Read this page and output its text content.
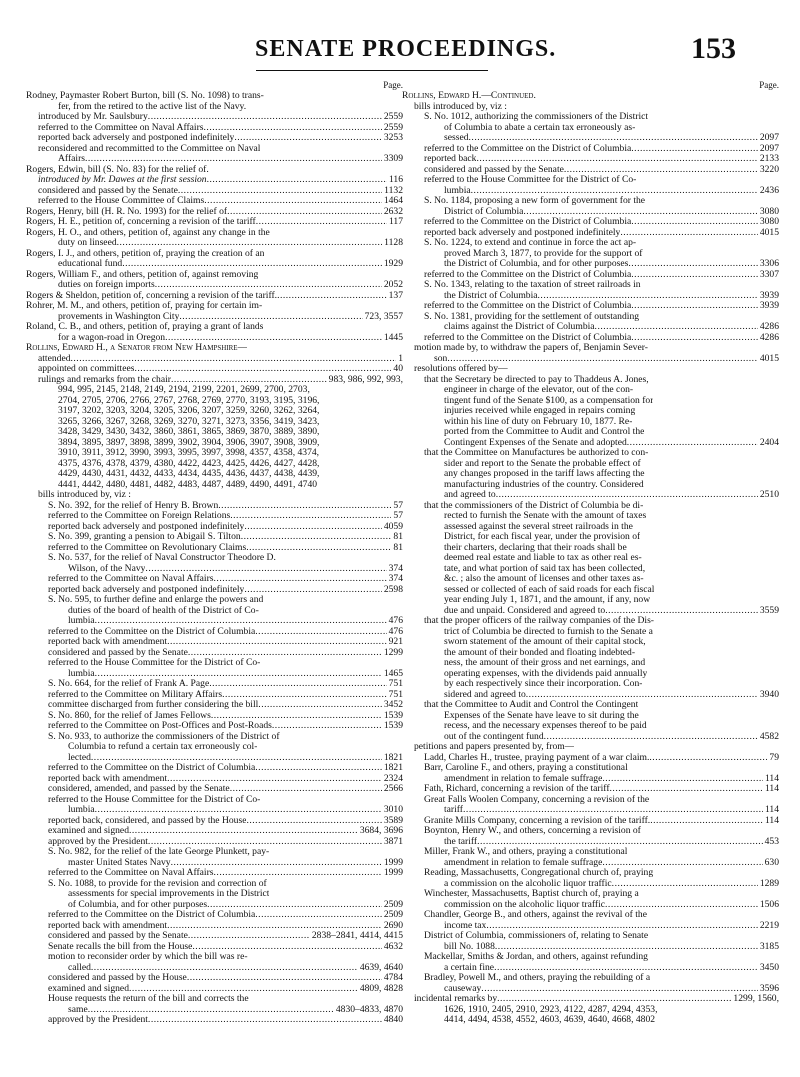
SENATE PROCEEDINGS.	153
Page.
Rodney, Paymaster Robert Burton, bill (S. No. 1098) to trans-
fer, from the retired to the active list of the Navy.
introduced by Mr. Saulsbury .....	2559
referred to the Committee on Naval Affairs .....	2559
reported back adversely and postponed indefinitely .....	3253
reconsidered and recommitted to the Committee on Naval
Affairs .....	3309
Rogers, Edwin, bill (S. No. 83) for the relief of.
introduced by Mr. Dawes at the first session .....	116
considered and passed by the Senate .....	1132
referred to the House Committee of Claims .....	1464
Rogers, Henry, bill (H. R. No. 1993) for the relief of .....	2632
Rogers, H. E., petition of, concerning a revision of the tariff .....	117
Rogers, H. O., and others, petition of, against any change in the
duty on linseed .....	1128
Rogers, I. J., and others, petition of, praying the creation of an
educational fund .....	1929
Rogers, William F., and others, petition of, against removing
duties on foreign imports .....	2052
Rogers & Sheldon, petition of, concerning a revision of the tariff. .....	137
Rohrer, M. M., and others, petition of, praying for certain im-
provements in Washington City .....	723, 3557
Roland, C. B., and others, petition of, praying a grant of lands
for a wagon-road in Oregon .....	1445
Rollins, Edward H., a Senator from New Hampshire—
attended .....	1
appointed on committees .....	40
rulings and remarks from the chair .....	983, 986, 992, 993,
994, 995, 2145, 2148, 2149, 2194, 2199, 2201, 2699, 2700, 2703,
2704, 2705, 2706, 2766, 2767, 2768, 2769, 2770, 3193, 3195, 3196,
3197, 3202, 3203, 3204, 3205, 3206, 3207, 3259, 3260, 3262, 3264,
3265, 3266, 3267, 3268, 3269, 3270, 3271, 3273, 3356, 3419, 3423,
3428, 3429, 3430, 3432, 3860, 3861, 3865, 3869, 3870, 3889, 3890,
3894, 3895, 3897, 3898, 3899, 3902, 3904, 3906, 3907, 3908, 3909,
3910, 3911, 3912, 3990, 3993, 3995, 3997, 3998, 4357, 4358, 4374,
4375, 4376, 4378, 4379, 4380, 4422, 4423, 4425, 4426, 4427, 4428,
4429, 4430, 4431, 4432, 4433, 4434, 4435, 4436, 4437, 4438, 4439,
4441, 4442, 4480, 4481, 4482, 4483, 4487, 4489, 4490, 4491, 4740
bills introduced by, viz :
S. No. 392, for the relief of Henry B. Brown .....	57
referred to the Committee on Foreign Relations .....	57
reported back adversely and postponed indefinitely .....	4059
S. No. 399, granting a pension to Abigail S. Tilton .....	81
referred to the Committee on Revolutionary Claims .....	81
S. No. 537, for the relief of Naval Constructor Theodore D.
Wilson, of the Navy .....	374
referred to the Committee on Naval Affairs .....	374
reported back adversely and postponed indefinitely .....	2598
S. No. 595, to further define and enlarge the powers and
duties of the board of health of the District of Co-
lumbia .....	476
referred to the Committee on the District of Columbia .....	476
reported back with amendment .....	921
considered and passed by the Senate .....	1299
referred to the House Committee for the District of Co-
lumbia .....	1465
S. No. 664, for the relief of Frank A. Page .....	751
referred to the Committee on Military Affairs .....	751
committee discharged from further considering the bill .....	3452
S. No. 860, for the relief of James Fellows .....	1539
referred to the Committee on Post-Offices and Post-Roads .....	1539
S. No. 933, to authorize the commissioners of the District of
Columbia to refund a certain tax erroneously col-
lected .....	1821
referred to the Committee on the District of Columbia .....	1821
reported back with amendment .....	2324
considered, amended, and passed by the Senate .....	2566
referred to the House Committee for the District of Co-
lumbia .....	3010
reported back, considered, and passed by the House .....	3589
examined and signed .....	3684, 3696
approved by the President .....	3871
S. No. 982, for the relief of the late George Plunkett, pay-
master United States Navy .....	1999
referred to the Committee on Naval Affairs .....	1999
S. No. 1088, to provide for the revision and correction of
assessments for special improvements in the District
of Columbia, and for other purposes .....	2509
referred to the Committee on the District of Columbia .....	2509
reported back with amendment .....	2690
considered and passed by the Senate .....	2838–2841, 4414, 4415
Senate recalls the bill from the House .....	4632
motion to reconsider order by which the bill was re-
called .....	4639, 4640
considered and passed by the House .....	4784
examined and signed .....	4809, 4828
House requests the return of the bill and corrects the
same .....	4830–4833, 4870
approved by the President .....	4840
Page.
Rollins, Edward H.—Continued.
bills introduced by, viz :
S. No. 1012, authorizing the commissioners of the District
of Columbia to abate a certain tax erroneously as-
sessed .....	2097
referred to the Committee on the District of Columbia .....	2097
reported back .....	2133
considered and passed by the Senate .....	3220
referred to the House Committee for the District of Co-
lumbia .....	2436
S. No. 1184, proposing a new form of government for the
District of Columbia .....	3080
referred to the Committee on the District of Columbia .....	3080
reported back adversely and postponed indefinitely .....	4015
S. No. 1224, to extend and continue in force the act ap-
proved March 3, 1877, to provide for the support of
the District of Columbia, and for other purposes .....	3306
referred to the Committee on the District of Columbia .....	3307
S. No. 1343, relating to the taxation of street railroads in
the District of Columbia .....	3939
referred to the Committee on the District of Columbia .....	3939
S. No. 1381, providing for the settlement of outstanding
claims against the District of Columbia .....	4286
referred to the Committee on the District of Columbia .....	4286
motion made by, to withdraw the papers of, Benjamin Sever-
son .....	4015
resolutions offered by—
that the Secretary be directed to pay to Thaddeus A. Jones,
engineer in charge of the elevator, out of the con-
tingent fund of the Senate $100, as a compensation for
injuries received while engaged in repairs coming
within his line of duty on February 10, 1877. Re-
ported from the Committee to Audit and Control the
Contingent Expenses of the Senate and adopted .....	2404
that the Committee on Manufactures be authorized to con-
sider and report to the Senate the probable effect of
any changes proposed in the tariff laws affecting the
manufacturing industries of the country. Considered
and agreed to .....	2510
that the commissioners of the District of Columbia be di-
rected to furnish the Senate with the amount of taxes
assessed against the several street railroads in the
District, for each fiscal year, under the provision of
their charters, declaring that their roads shall be
deemed real estate and liable to tax as other real es-
tate, and what portion of said tax has been collected,
&c. ; also the amount of licenses and other taxes as-
sessed or collected of each of said roads for each fiscal
year ending July 1, 1871, and the amount, if any, now
due and unpaid. Considered and agreed to .....	3559
that the proper officers of the railway companies of the Dis-
trict of Columbia be directed to furnish to the Senate a
sworn statement of the amount of their capital stock,
the amount of their bonded and floating indebted-
ness, the amount of their gross and net earnings, and
operating expenses, with the dividends paid annually
by each respectively since their incorporation. Con-
sidered and agreed to .....	3940
that the Committee to Audit and Control the Contingent
Expenses of the Senate have leave to sit during the
recess, and the necessary expenses thereof to be paid
out of the contingent fund .....	4582
petitions and papers presented by, from—
Ladd, Charles H., trustee, praying payment of a war claim. .....	79
Barr, Caroline F., and others, praying a constitutional
amendment in relation to female suffrage .....	114
Fath, Richard, concerning a revision of the tariff .....	114
Great Falls Woolen Company, concerning a revision of the
tariff .....	114
Granite Mills Company, concerning a revision of the tariff. .....	114
Boynton, Henry W., and others, concerning a revision of
the tariff .....	453
Miller, Frank W., and others, praying a constitutional
amendment in relation to female suffrage .....	630
Reading, Massachusetts, Congregational church of, praying
a commission on the alcoholic liquor traffic .....	1289
Winchester, Massachusetts, Baptist church of, praying a
commission on the alcoholic liquor traffic .....	1506
Chandler, George B., and others, against the revival of the
income tax .....	2219
District of Columbia, commissioners of, relating to Senate
bill No. 1088 .....	3185
Mackellar, Smiths & Jordan, and others, against refunding
a certain fine .....	3450
Bradley, Powell M., and others, praying the rebuilding of a
causeway .....	3596
incidental remarks by .....	1299, 1560,
1626, 1910, 2405, 2910, 2923, 4122, 4287, 4294, 4353,
4414, 4494, 4538, 4552, 4603, 4639, 4640, 4668, 4802
